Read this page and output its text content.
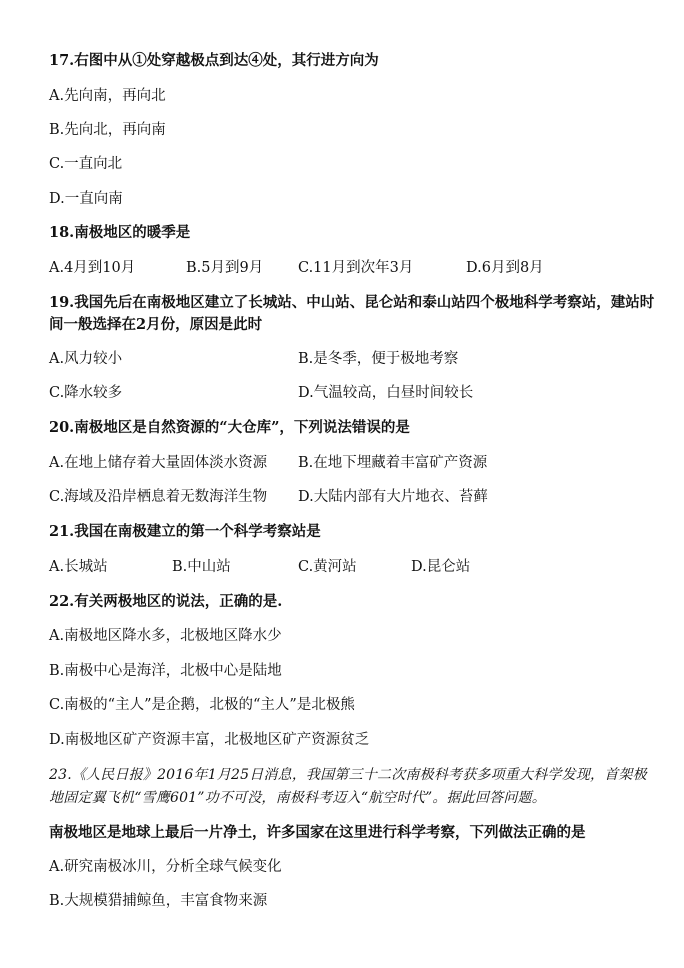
17.右图中从①处穿越极点到达④处，其行进方向为
A.先向南，再向北
B.先向北，再向南
C.一直向北
D.一直向南
18.南极地区的暖季是
A.4月到10月	B.5月到9月 C.11月到次年3月	D.6月到8月
19.我国先后在南极地区建立了长城站、中山站、昆仑站和泰山站四个极地科学考察站，建站时
间一般选择在2月份，原因是此时
A.风力较小	B.是冬季，便于极地考察
C.降水较多	D.气温较高，白昼时间较长
20.南极地区是自然资源的“大仓库”，下列说法错误的是
A.在地上储存着大量固体淡水资源 B.在地下埋藏着丰富矿产资源
C.海域及沿岸栖息着无数海洋生物 D.大陆内部有大片地衣、苔藓
21.我国在南极建立的第一个科学考察站是
A.长城站	B.中山站	C.黄河站	D.昆仑站
22.有关两极地区的说法，正确的是.
A.南极地区降水多，北极地区降水少
B.南极中心是海洋，北极中心是陆地
C.南极的“主人”是企鹅，北极的“主人”是北极熊
D.南极地区矿产资源丰富，北极地区矿产资源贫乏
23.《人民日报》2016年1月25日消息，我国第三十二次南极科考获多项重大科学发现，首架极
地固定翼飞机“雪鹰601”功不可没，南极科考迈入“航空时代”。据此回答问题。
南极地区是地球上最后一片净土，许多国家在这里进行科学考察，下列做法正确的是
A.研究南极冰川，分析全球气候变化
B.大规模猎捕鲸鱼，丰富食物来源
